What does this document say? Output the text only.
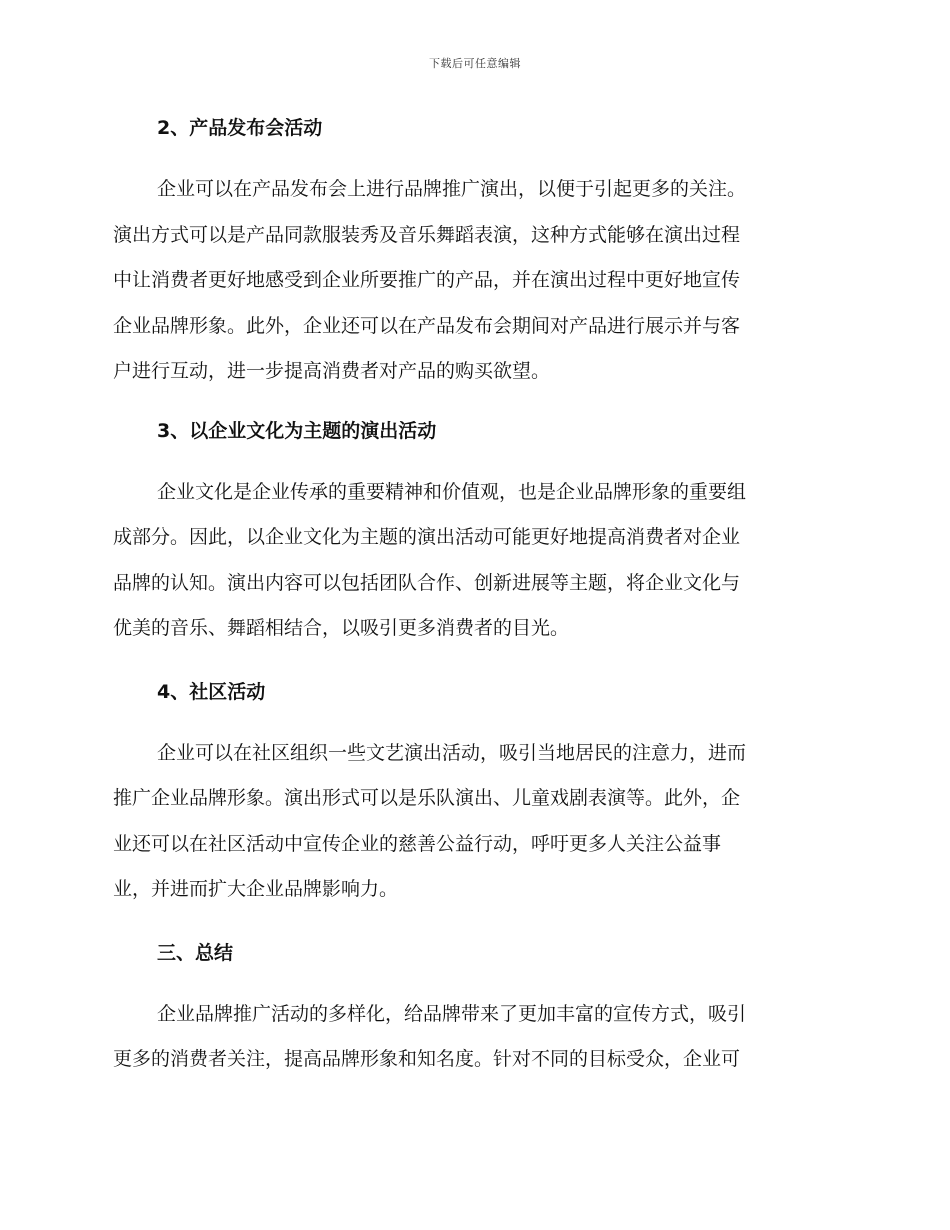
下载后可任意编辑
2、产品发布会活动

企业可以在产品发布会上进行品牌推广演出，以便于引起更多的关注。
演出方式可以是产品同款服装秀及音乐舞蹈表演，这种方式能够在演出过程
中让消费者更好地感受到企业所要推广的产品，并在演出过程中更好地宣传
企业品牌形象。此外，企业还可以在产品发布会期间对产品进行展示并与客
户进行互动，进一步提高消费者对产品的购买欲望。

3、以企业文化为主题的演出活动

企业文化是企业传承的重要精神和价值观，也是企业品牌形象的重要组
成部分。因此，以企业文化为主题的演出活动可能更好地提高消费者对企业
品牌的认知。演出内容可以包括团队合作、创新进展等主题，将企业文化与
优美的音乐、舞蹈相结合，以吸引更多消费者的目光。

4、社区活动

企业可以在社区组织一些文艺演出活动，吸引当地居民的注意力，进而
推广企业品牌形象。演出形式可以是乐队演出、儿童戏剧表演等。此外，企
业还可以在社区活动中宣传企业的慈善公益行动，呼吁更多人关注公益事
业，并进而扩大企业品牌影响力。

三、总结

企业品牌推广活动的多样化，给品牌带来了更加丰富的宣传方式，吸引
更多的消费者关注，提高品牌形象和知名度。针对不同的目标受众，企业可
